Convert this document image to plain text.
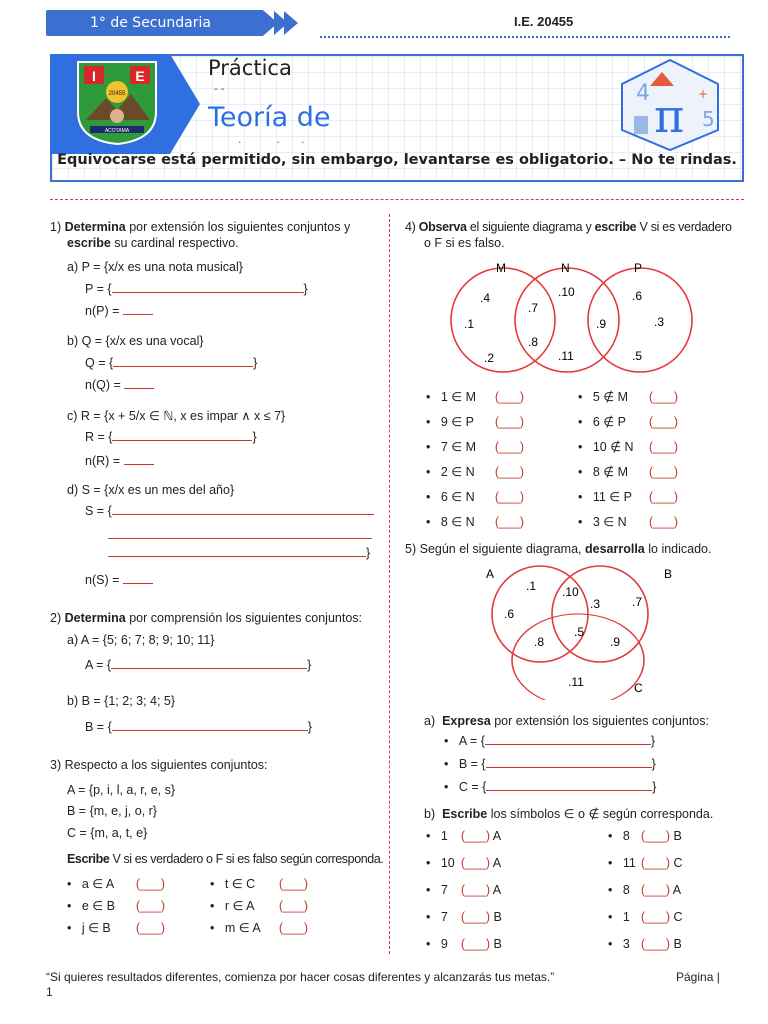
1° de Secundaria	I.E. 20455
I	E
20455
ACOTAMA
Práctica
- -
Teoría de
·          ·      ·
4 π 5
+
Equivocarse está permitido, sin embargo, levantarse es obligatorio. – No te rindas.
1) Determina por extensión los siguientes conjuntos y
escribe su cardinal respectivo.
a) P = {x/x es una nota musical}
P = {	}
n(P) =
b) Q = {x/x es una vocal}
Q = {	}
n(Q) =
c) R = {x + 5/x ∈ ℕ, x es impar ∧ x ≤ 7}
R = {	}
n(R) =
d) S = {x/x es un mes del año}
S = {
}
n(S) =
2) Determina por comprensión los siguientes conjuntos:
a) A = {5; 6; 7; 8; 9; 10; 11}
A = {	}
b) B = {1; 2; 3; 4; 5}
B = {	}
3) Respecto a los siguientes conjuntos:
A = {p, i, l, a, r, e, s}
B = {m, e, j, o, r}
C = {m, a, t, e}
Escribe V si es verdadero o F si es falso según corresponda.
• a ∈ A (___)	• t ∈ C (___)
• e ∈ B (___)	• r ∈ A (___)
• j ∈ B (___)	• m ∈ A (___)
4) Observa el siguiente diagrama y escribe V si es verdadero
o F si es falso.
M	N	P
.4
.1
.2
.7
.8
.10
.11
.9
.6
.3
.5
• 1 ∈ M (___)	• 5 ∉ M (___)
• 9 ∈ P (___)	• 6 ∉ P (___)
• 7 ∈ M (___)	• 10 ∉ N (___)
• 2 ∈ N (___)	• 8 ∉ M (___)
• 6 ∈ N (___)	• 11 ∈ P (___)
• 8 ∈ N (___)	• 3 ∈ N (___)
5) Según el siguiente diagrama, desarrolla lo indicado.
A	B
C
.1
.6
.10
.3	.7
.8
.5
.9
.11
a) Expresa por extensión los siguientes conjuntos:
• A = {	}
• B = {	}
• C = {	}
b) Escribe los símbolos ∈ o ∉ según corresponda.
• 1 (___) A	• 8 (___) B
• 10 (___) A	• 11 (___) C
• 7 (___) A	• 8 (___) A
• 7 (___) B	• 1 (___) C
• 9 (___) B	• 3 (___) B
“Si quieres resultados diferentes, comienza por hacer cosas diferentes y alcanzarás tus metas.”	Página |
1
